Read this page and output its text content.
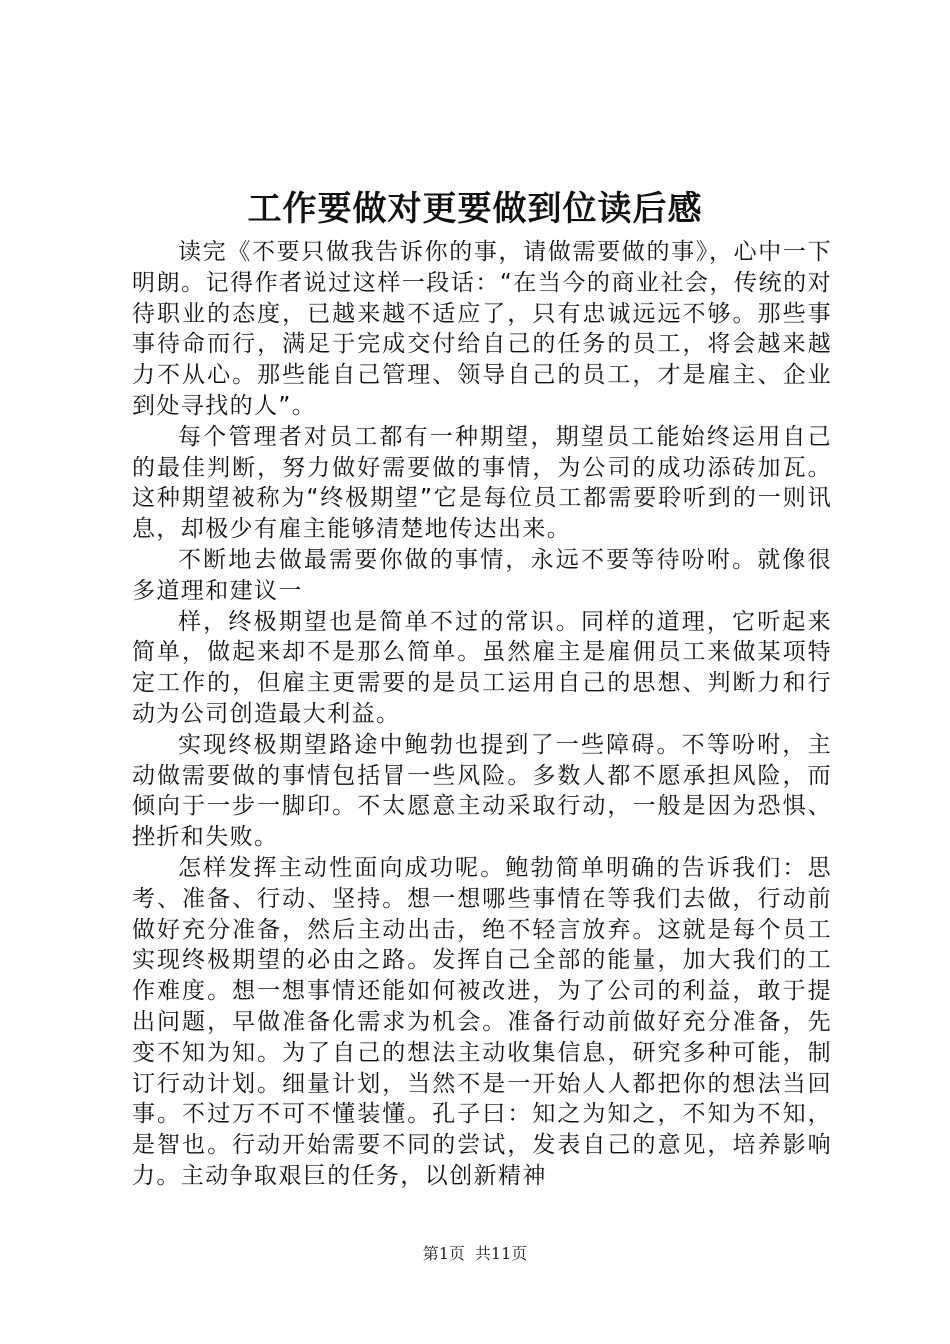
工作要做对更要做到位读后感

读完《不要只做我告诉你的事，请做需要做的事》，心中一下明朗。记得作者说过这样一段话：“在当今的商业社会，传统的对待职业的态度，已越来越不适应了，只有忠诚远远不够。那些事事待命而行，满足于完成交付给自己的任务的员工，将会越来越力不从心。那些能自己管理、领导自己的员工，才是雇主、企业到处寻找的人”。

每个管理者对员工都有一种期望，期望员工能始终运用自己的最佳判断，努力做好需要做的事情，为公司的成功添砖加瓦。这种期望被称为“终极期望”它是每位员工都需要聆听到的一则讯息，却极少有雇主能够清楚地传达出来。

不断地去做最需要你做的事情，永远不要等待吩咐。就像很多道理和建议一

样，终极期望也是简单不过的常识。同样的道理，它听起来简单，做起来却不是那么简单。虽然雇主是雇佣员工来做某项特定工作的，但雇主更需要的是员工运用自己的思想、判断力和行动为公司创造最大利益。

实现终极期望路途中鲍勃也提到了一些障碍。不等吩咐，主动做需要做的事情包括冒一些风险。多数人都不愿承担风险，而倾向于一步一脚印。不太愿意主动采取行动，一般是因为恐惧、挫折和失败。

怎样发挥主动性面向成功呢。鲍勃简单明确的告诉我们：思考、准备、行动、坚持。想一想哪些事情在等我们去做，行动前做好充分准备，然后主动出击，绝不轻言放弃。这就是每个员工实现终极期望的必由之路。发挥自己全部的能量，加大我们的工作难度。想一想事情还能如何被改进，为了公司的利益，敢于提出问题，早做准备化需求为机会。准备行动前做好充分准备，先变不知为知。为了自己的想法主动收集信息，研究多种可能，制订行动计划。细量计划，当然不是一开始人人都把你的想法当回事。不过万不可不懂装懂。孔子曰：知之为知之，不知为不知，是智也。行动开始需要不同的尝试，发表自己的意见，培养影响力。主动争取艰巨的任务，以创新精神

第1页 共11页
